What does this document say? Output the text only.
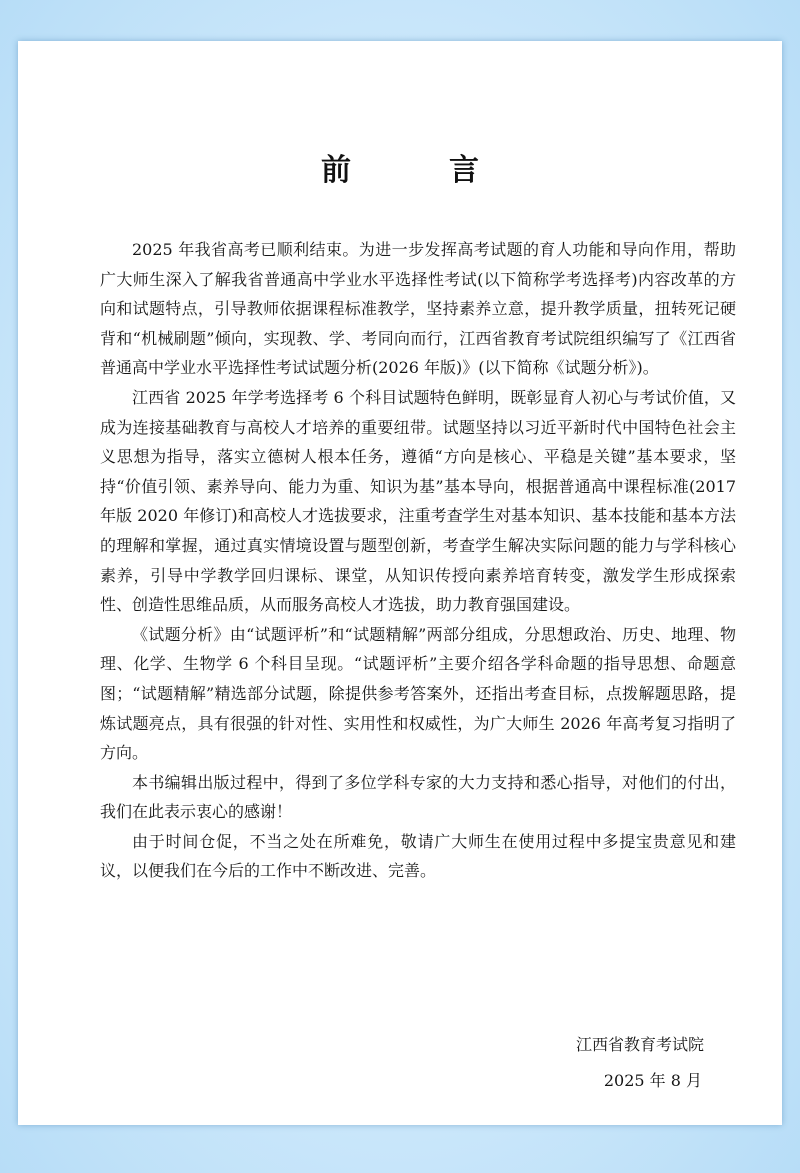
前　言

2025 年我省高考已顺利结束。为进一步发挥高考试题的育人功能和导向作用，帮助广大师生深入了解我省普通高中学业水平选择性考试(以下简称学考选择考)内容改革的方向和试题特点，引导教师依据课程标准教学，坚持素养立意，提升教学质量，扭转死记硬背和“机械刷题”倾向，实现教、学、考同向而行，江西省教育考试院组织编写了《江西省普通高中学业水平选择性考试试题分析(2026 年版)》(以下简称《试题分析》)。

江西省 2025 年学考选择考 6 个科目试题特色鲜明，既彰显育人初心与考试价值，又成为连接基础教育与高校人才培养的重要纽带。试题坚持以习近平新时代中国特色社会主义思想为指导，落实立德树人根本任务，遵循“方向是核心、平稳是关键”基本要求，坚持“价值引领、素养导向、能力为重、知识为基”基本导向，根据普通高中课程标准(2017 年版 2020 年修订)和高校人才选拔要求，注重考查学生对基本知识、基本技能和基本方法的理解和掌握，通过真实情境设置与题型创新，考查学生解决实际问题的能力与学科核心素养，引导中学教学回归课标、课堂，从知识传授向素养培育转变，激发学生形成探索性、创造性思维品质，从而服务高校人才选拔，助力教育强国建设。

《试题分析》由“试题评析”和“试题精解”两部分组成，分思想政治、历史、地理、物理、化学、生物学 6 个科目呈现。“试题评析”主要介绍各学科命题的指导思想、命题意图；“试题精解”精选部分试题，除提供参考答案外，还指出考查目标，点拨解题思路，提炼试题亮点，具有很强的针对性、实用性和权威性，为广大师生 2026 年高考复习指明了方向。

本书编辑出版过程中，得到了多位学科专家的大力支持和悉心指导，对他们的付出，我们在此表示衷心的感谢！

由于时间仓促，不当之处在所难免，敬请广大师生在使用过程中多提宝贵意见和建议，以便我们在今后的工作中不断改进、完善。

江西省教育考试院
2025 年 8 月
